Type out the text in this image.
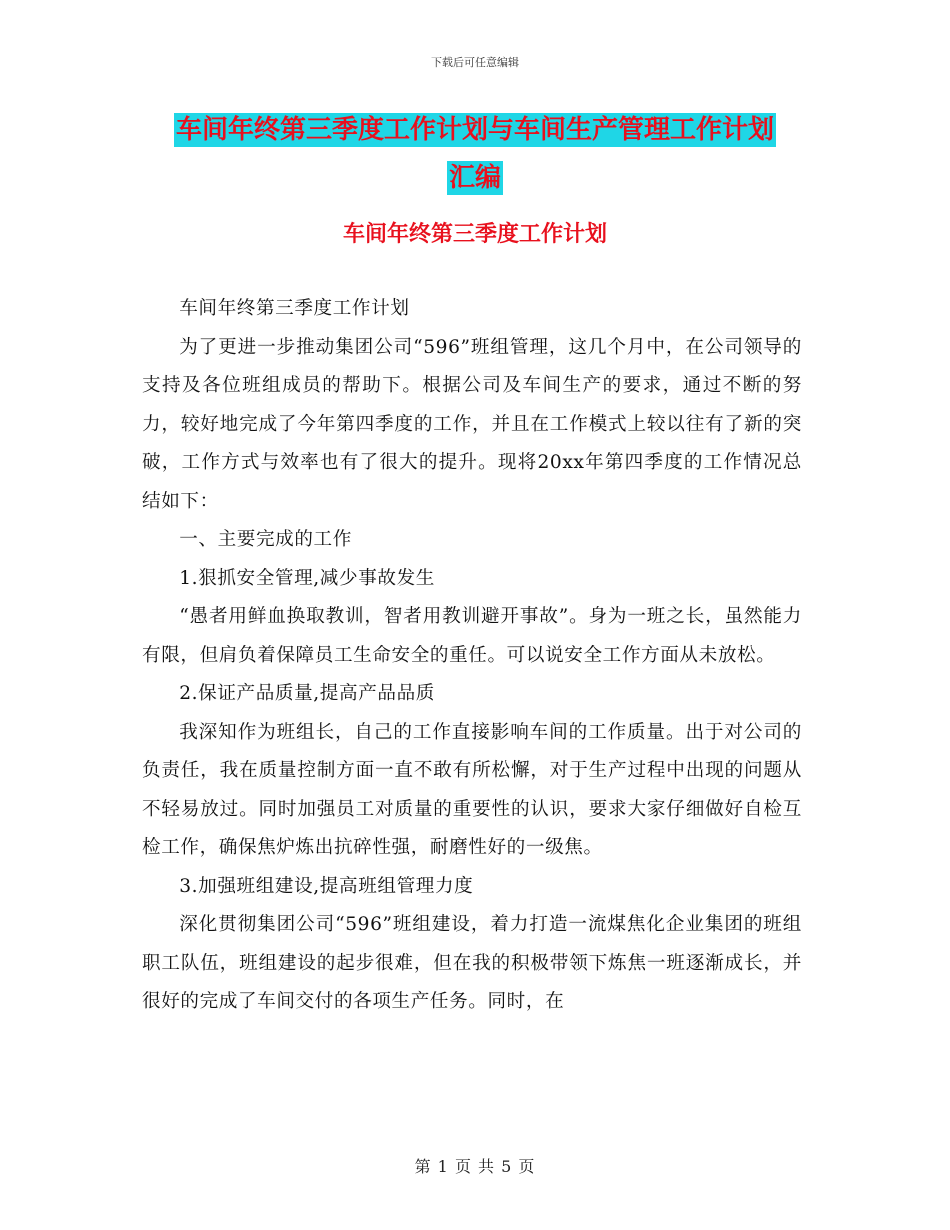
下载后可任意编辑
车间年终第三季度工作计划与车间生产管理工作计划
汇编
车间年终第三季度工作计划

车间年终第三季度工作计划

为了更进一步推动集团公司“596”班组管理，这几个月中，在公司领导的支持及各位班组成员的帮助下。根据公司及车间生产的要求，通过不断的努力，较好地完成了今年第四季度的工作，并且在工作模式上较以往有了新的突破，工作方式与效率也有了很大的提升。现将20xx年第四季度的工作情况总结如下：

一、主要完成的工作

1.狠抓安全管理,减少事故发生

“愚者用鲜血换取教训，智者用教训避开事故”。身为一班之长，虽然能力有限，但肩负着保障员工生命安全的重任。可以说安全工作方面从未放松。

2.保证产品质量,提高产品品质

我深知作为班组长，自己的工作直接影响车间的工作质量。出于对公司的负责任，我在质量控制方面一直不敢有所松懈，对于生产过程中出现的问题从不轻易放过。同时加强员工对质量的重要性的认识，要求大家仔细做好自检互检工作，确保焦炉炼出抗碎性强，耐磨性好的一级焦。

3.加强班组建设,提高班组管理力度

深化贯彻集团公司“596”班组建设，着力打造一流煤焦化企业集团的班组职工队伍，班组建设的起步很难，但在我的积极带领下炼焦一班逐渐成长，并很好的完成了车间交付的各项生产任务。同时，在

第 1 页 共 5 页
